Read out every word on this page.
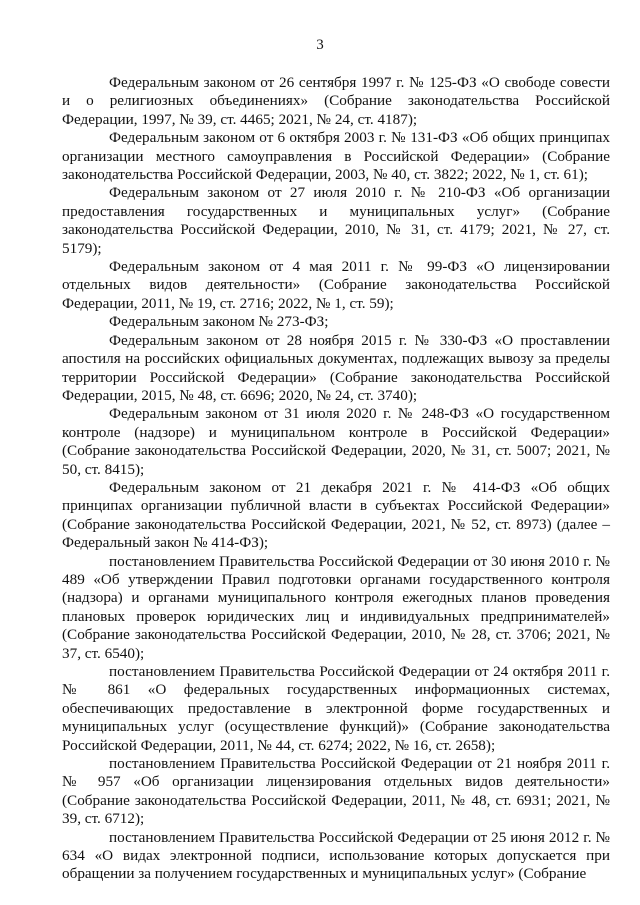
3

Федеральным законом от 26 сентября 1997 г. № 125-ФЗ «О свободе совести и о религиозных объединениях» (Собрание законодательства Российской Федерации, 1997, № 39, ст. 4465; 2021, № 24, ст. 4187);

Федеральным законом от 6 октября 2003 г. № 131-ФЗ «Об общих принципах организации местного самоуправления в Российской Федерации» (Собрание законодательства Российской Федерации, 2003, № 40, ст. 3822; 2022, № 1, ст. 61);

Федеральным законом от 27 июля 2010 г. № 210-ФЗ «Об организации предоставления государственных и муниципальных услуг» (Собрание законодательства Российской Федерации, 2010, № 31, ст. 4179; 2021, № 27, ст. 5179);

Федеральным законом от 4 мая 2011 г. № 99-ФЗ «О лицензировании отдельных видов деятельности» (Собрание законодательства Российской Федерации, 2011, № 19, ст. 2716; 2022, № 1, ст. 59);

Федеральным законом № 273-ФЗ;

Федеральным законом от 28 ноября 2015 г. № 330-ФЗ «О проставлении апостиля на российских официальных документах, подлежащих вывозу за пределы территории Российской Федерации» (Собрание законодательства Российской Федерации, 2015, № 48, ст. 6696; 2020, № 24, ст. 3740);

Федеральным законом от 31 июля 2020 г. № 248-ФЗ «О государственном контроле (надзоре) и муниципальном контроле в Российской Федерации» (Собрание законодательства Российской Федерации, 2020, № 31, ст. 5007; 2021, № 50, ст. 8415);

Федеральным законом от 21 декабря 2021 г. № 414-ФЗ «Об общих принципах организации публичной власти в субъектах Российской Федерации» (Собрание законодательства Российской Федерации, 2021, № 52, ст. 8973) (далее – Федеральный закон № 414-ФЗ);

постановлением Правительства Российской Федерации от 30 июня 2010 г. № 489 «Об утверждении Правил подготовки органами государственного контроля (надзора) и органами муниципального контроля ежегодных планов проведения плановых проверок юридических лиц и индивидуальных предпринимателей» (Собрание законодательства Российской Федерации, 2010, № 28, ст. 3706; 2021, № 37, ст. 6540);

постановлением Правительства Российской Федерации от 24 октября 2011 г. № 861 «О федеральных государственных информационных системах, обеспечивающих предоставление в электронной форме государственных и муниципальных услуг (осуществление функций)» (Собрание законодательства Российской Федерации, 2011, № 44, ст. 6274; 2022, № 16, ст. 2658);

постановлением Правительства Российской Федерации от 21 ноября 2011 г. № 957 «Об организации лицензирования отдельных видов деятельности» (Собрание законодательства Российской Федерации, 2011, № 48, ст. 6931; 2021, № 39, ст. 6712);

постановлением Правительства Российской Федерации от 25 июня 2012 г. № 634 «О видах электронной подписи, использование которых допускается при обращении за получением государственных и муниципальных услуг» (Собрание
